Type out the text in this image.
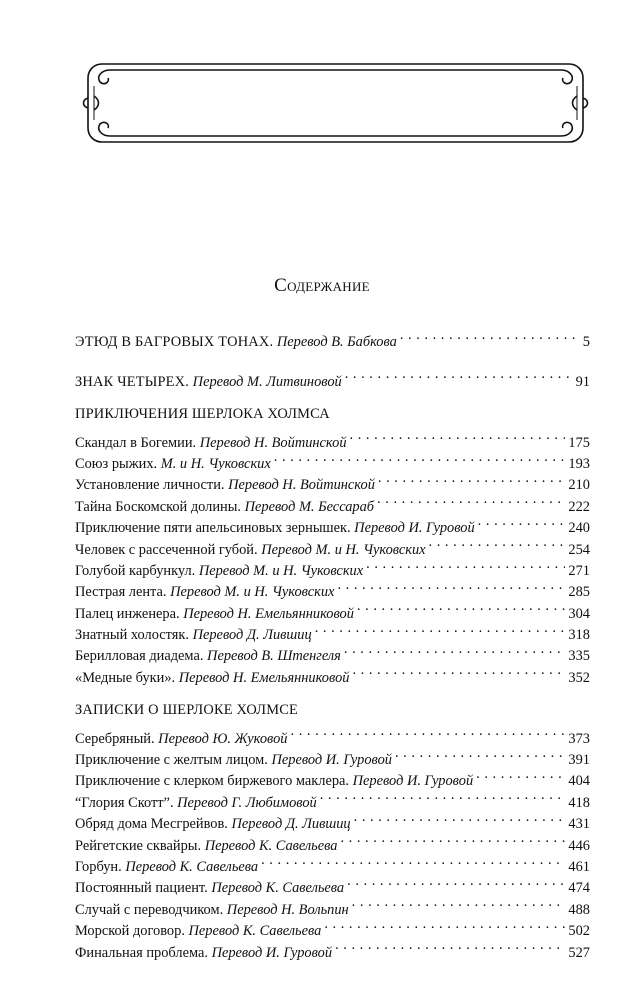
Содержание
ЭТЮД В БАГРОВЫХ ТОНАХ. Перевод В. Бабкова . . .	5
ЗНАК ЧЕТЫРЕХ. Перевод М. Литвиновой . . .	91
ПРИКЛЮЧЕНИЯ ШЕРЛОКА ХОЛМСА
Скандал в Богемии. Перевод Н. Войтинской . . .	175
Союз рыжих. М. и Н. Чуковских . . .	193
Установление личности. Перевод Н. Войтинской . . .	210
Тайна Боскомской долины. Перевод М. Бессараб . . .	222
Приключение пяти апельсиновых зернышек. Перевод И. Гуровой . . .	240
Человек с рассеченной губой. Перевод М. и Н. Чуковских . . .	254
Голубой карбункул. Перевод М. и Н. Чуковских . . .	271
Пестрая лента. Перевод М. и Н. Чуковских . . .	285
Палец инженера. Перевод Н. Емельянниковой . . .	304
Знатный холостяк. Перевод Д. Лившиц . . .	318
Берилловая диадема. Перевод В. Штенгеля . . .	335
«Медные буки». Перевод Н. Емельянниковой . . .	352
ЗАПИСКИ О ШЕРЛОКЕ ХОЛМСЕ
Серебряный. Перевод Ю. Жуковой . . .	373
Приключение с желтым лицом. Перевод И. Гуровой . . .	391
Приключение с клерком биржевого маклера. Перевод И. Гуровой . . .	404
“Глория Скотт”. Перевод Г. Любимовой . . .	418
Обряд дома Месгрейвов. Перевод Д. Лившиц . . .	431
Рейгетские сквайры. Перевод К. Савельева . . .	446
Горбун. Перевод К. Савельева . . .	461
Постоянный пациент. Перевод К. Савельева . . .	474
Случай с переводчиком. Перевод Н. Вольпин . . .	488
Морской договор. Перевод К. Савельева . . .	502
Финальная проблема. Перевод И. Гуровой . . .	527
